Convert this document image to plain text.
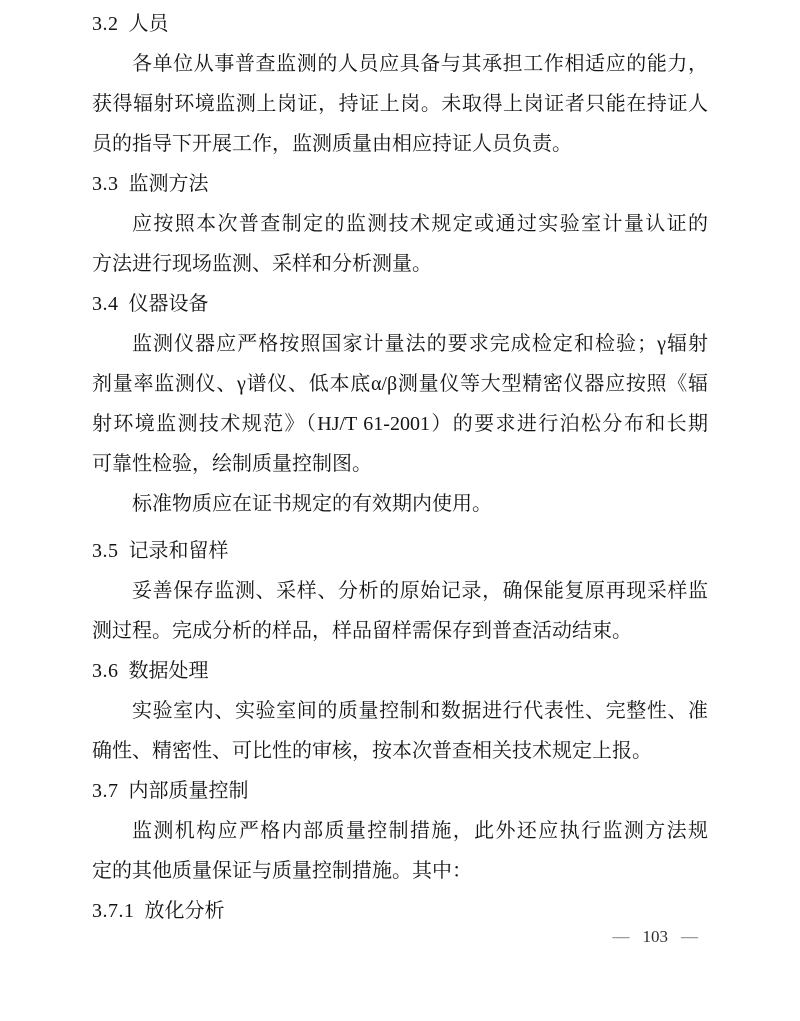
3.2 人员
各单位从事普查监测的人员应具备与其承担工作相适应的能力，
获得辐射环境监测上岗证，持证上岗。未取得上岗证者只能在持证人
员的指导下开展工作，监测质量由相应持证人员负责。
3.3 监测方法
应按照本次普查制定的监测技术规定或通过实验室计量认证的
方法进行现场监测、采样和分析测量。
3.4 仪器设备
监测仪器应严格按照国家计量法的要求完成检定和检验；γ辐射
剂量率监测仪、γ谱仪、低本底α/β测量仪等大型精密仪器应按照《辐
射环境监测技术规范》（HJ/T 61-2001）的要求进行泊松分布和长期
可靠性检验，绘制质量控制图。
标准物质应在证书规定的有效期内使用。
3.5 记录和留样
妥善保存监测、采样、分析的原始记录，确保能复原再现采样监
测过程。完成分析的样品，样品留样需保存到普查活动结束。
3.6 数据处理
实验室内、实验室间的质量控制和数据进行代表性、完整性、准
确性、精密性、可比性的审核，按本次普查相关技术规定上报。
3.7 内部质量控制
监测机构应严格内部质量控制措施，此外还应执行监测方法规
定的其他质量保证与质量控制措施。其中：
3.7.1 放化分析
— 103 —
